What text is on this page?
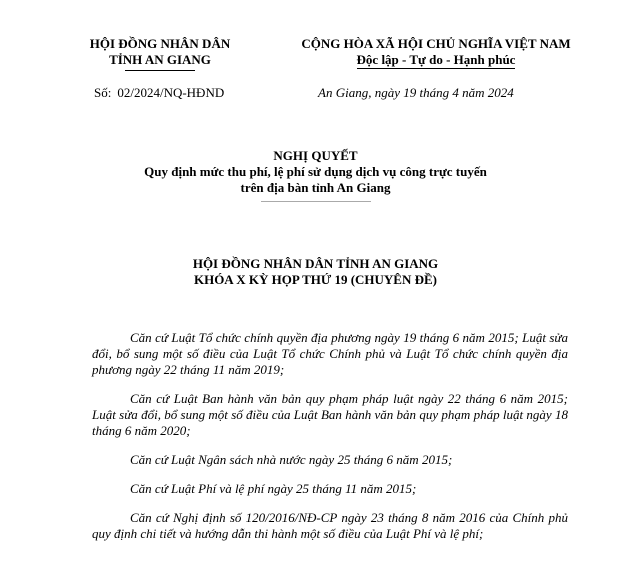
HỘI ĐỒNG NHÂN DÂN
TỈNH AN GIANG
CỘNG HÒA XÃ HỘI CHỦ NGHĨA VIỆT NAM
Độc lập - Tự do - Hạnh phúc
Số: 02/2024/NQ-HĐND	An Giang, ngày 19 tháng 4 năm 2024
NGHỊ QUYẾT
Quy định mức thu phí, lệ phí sử dụng dịch vụ công trực tuyến
trên địa bàn tỉnh An Giang
HỘI ĐỒNG NHÂN DÂN TỈNH AN GIANG
KHÓA X KỲ HỌP THỨ 19 (CHUYÊN ĐỀ)

Căn cứ Luật Tổ chức chính quyền địa phương ngày 19 tháng 6 năm 2015; Luật sửa đổi, bổ sung một số điều của Luật Tổ chức Chính phủ và Luật Tổ chức chính quyền địa phương ngày 22 tháng 11 năm 2019;

Căn cứ Luật Ban hành văn bản quy phạm pháp luật ngày 22 tháng 6 năm 2015; Luật sửa đổi, bổ sung một số điều của Luật Ban hành văn bản quy phạm pháp luật ngày 18 tháng 6 năm 2020;

Căn cứ Luật Ngân sách nhà nước ngày 25 tháng 6 năm 2015;

Căn cứ Luật Phí và lệ phí ngày 25 tháng 11 năm 2015;

Căn cứ Nghị định số 120/2016/NĐ-CP ngày 23 tháng 8 năm 2016 của Chính phủ quy định chi tiết và hướng dẫn thi hành một số điều của Luật Phí và lệ phí;
